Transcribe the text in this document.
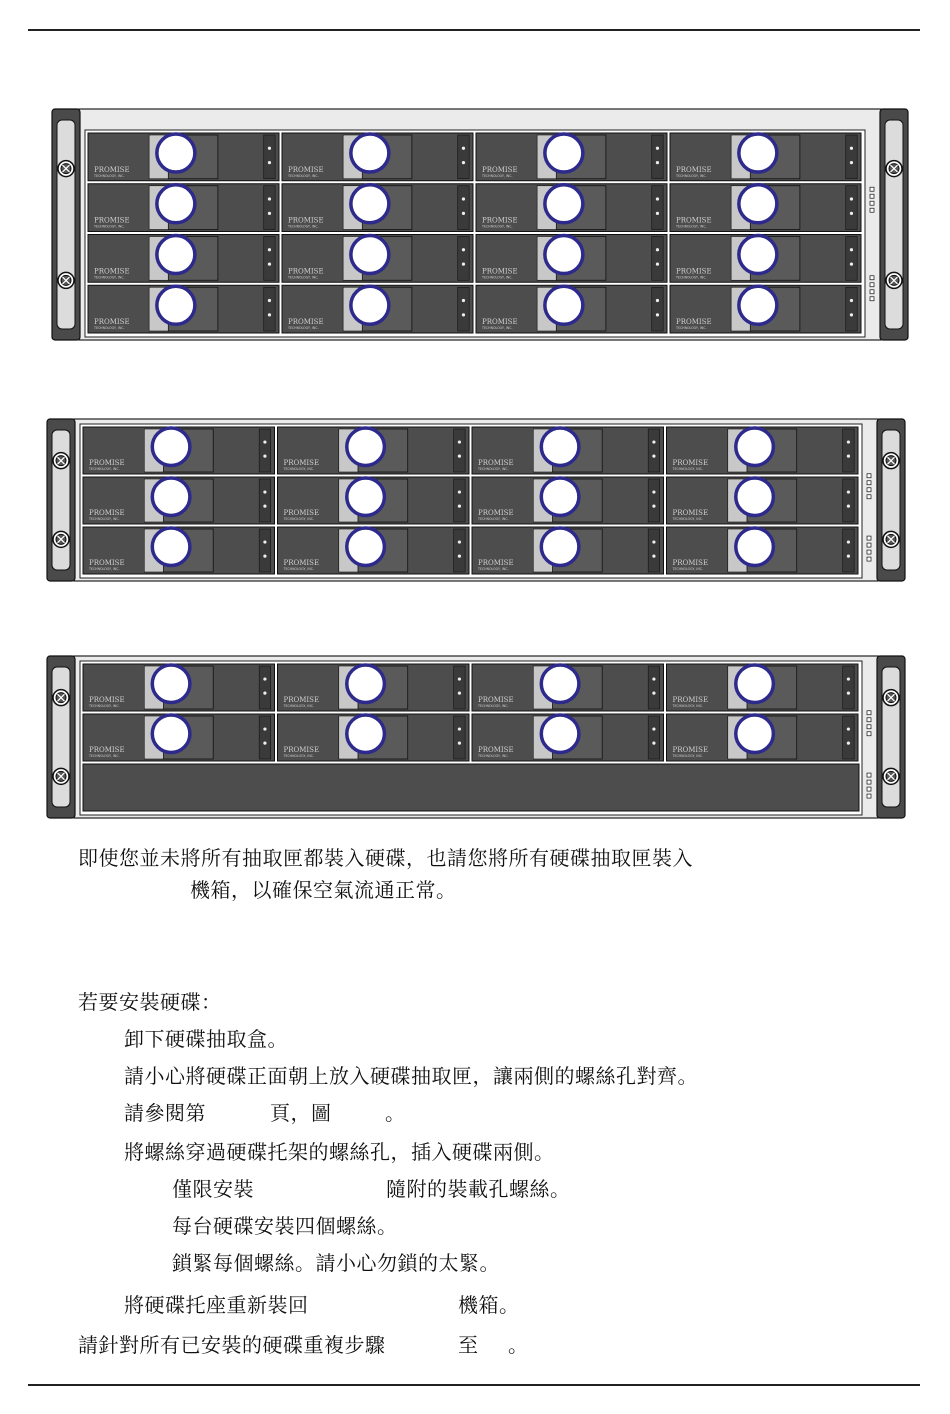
PROMISE
TECHNOLOGY, INC.
PROMISE
TECHNOLOGY, INC.
PROMISE
TECHNOLOGY, INC.
PROMISE
TECHNOLOGY, INC.
PROMISE
TECHNOLOGY, INC.
PROMISE
TECHNOLOGY, INC.
PROMISE
TECHNOLOGY, INC.
PROMISE
TECHNOLOGY, INC.
PROMISE
TECHNOLOGY, INC.
PROMISE
TECHNOLOGY, INC.
PROMISE
TECHNOLOGY, INC.
PROMISE
TECHNOLOGY, INC.
PROMISE
TECHNOLOGY, INC.
PROMISE
TECHNOLOGY, INC.
PROMISE
TECHNOLOGY, INC.
PROMISE
TECHNOLOGY, INC.
PROMISE
TECHNOLOGY, INC.
PROMISE
TECHNOLOGY, INC.
PROMISE
TECHNOLOGY, INC.
PROMISE
TECHNOLOGY, INC.
PROMISE
TECHNOLOGY, INC.
PROMISE
TECHNOLOGY, INC.
PROMISE
TECHNOLOGY, INC.
PROMISE
TECHNOLOGY, INC.
PROMISE
TECHNOLOGY, INC.
PROMISE
TECHNOLOGY, INC.
PROMISE
TECHNOLOGY, INC.
PROMISE
TECHNOLOGY, INC.
PROMISE
TECHNOLOGY, INC.
PROMISE
TECHNOLOGY, INC.
PROMISE
TECHNOLOGY, INC.
PROMISE
TECHNOLOGY, INC.
PROMISE
TECHNOLOGY, INC.
PROMISE
TECHNOLOGY, INC.
PROMISE
TECHNOLOGY, INC.
PROMISE
TECHNOLOGY, INC.
即使您並未將所有抽取匣都裝入硬碟，也請您將所有硬碟抽取匣裝入
機箱，以確保空氣流通正常。
若要安裝硬碟：
卸下硬碟抽取盒。
請小心將硬碟正面朝上放入硬碟抽取匣，讓兩側的螺絲孔對齊。
請參閱第	頁，圖	。
將螺絲穿過硬碟托架的螺絲孔，插入硬碟兩側。
僅限安裝	隨附的裝載孔螺絲。
每台硬碟安裝四個螺絲。
鎖緊每個螺絲。請小心勿鎖的太緊。
將硬碟托座重新裝回	機箱。
請針對所有已安裝的硬碟重複步驟	至 。
